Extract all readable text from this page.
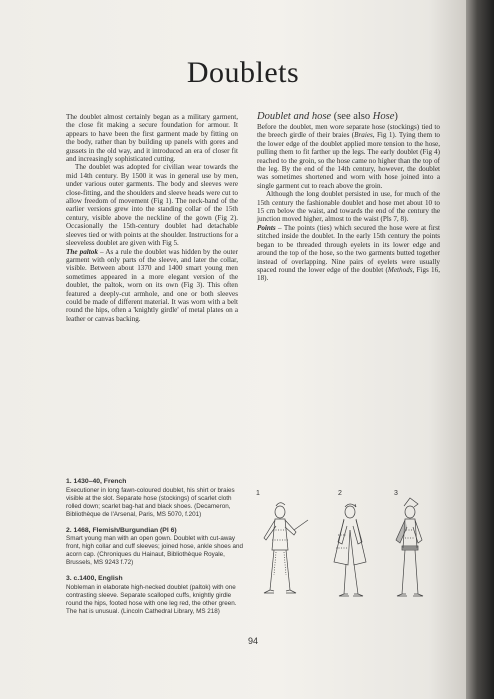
Doublets

The doublet almost certainly began as a military garment, the close fit making a secure foundation for armour. It appears to have been the first garment made by fitting on the body, rather than by building up panels with gores and gussets in the old way, and it introduced an era of closer fit and increasingly sophisticated cutting.

The doublet was adopted for civilian wear towards the mid 14th century. By 1500 it was in general use by men, under various outer garments. The body and sleeves were close-fitting, and the shoulders and sleeve heads were cut to allow freedom of movement (Fig 1). The neck-band of the earlier versions grew into the standing collar of the 15th century, visible above the neckline of the gown (Fig 2). Occasionally the 15th-century doublet had detachable sleeves tied or with points at the shoulder. Instructions for a sleeveless doublet are given with Fig 5.

The paltok – As a rule the doublet was hidden by the outer garment with only parts of the sleeve, and later the collar, visible. Between about 1370 and 1400 smart young men sometimes appeared in a more elegant version of the doublet, the paltok, worn on its own (Fig 3). This often featured a deeply-cut armhole, and one or both sleeves could be made of different material. It was worn with a belt round the hips, often a 'knightly girdle' of metal plates on a leather or canvas backing.

Doublet and hose (see also Hose)

Before the doublet, men wore separate hose (stockings) tied to the breech girdle of their braies (Braies, Fig 1). Tying them to the lower edge of the doublet applied more tension to the hose, pulling them to fit farther up the legs. The early doublet (Fig 4) reached to the groin, so the hose came no higher than the top of the leg. By the end of the 14th century, however, the doublet was sometimes shortened and worn with hose joined into a single garment cut to reach above the groin.

Although the long doublet persisted in use, for much of the 15th century the fashionable doublet and hose met about 10 to 15 cm below the waist, and towards the end of the century the junction moved higher, almost to the waist (Pls 7, 8).

Points – The points (ties) which secured the hose were at first stitched inside the doublet. In the early 15th century the points began to be threaded through eyelets in its lower edge and around the top of the hose, so the two garments butted together instead of overlapping. Nine pairs of eyelets were usually spaced round the lower edge of the doublet (Methods, Figs 16, 18).

1. 1430–40, French
Executioner in long fawn-coloured doublet, his shirt or braies visible at the slot. Separate hose (stockings) of scarlet cloth rolled down; scarlet bag-hat and black shoes. (Decameron, Bibliothèque de l'Arsenal, Paris, MS 5070, f.201)
2. 1468, Flemish/Burgundian (Pl 6)
Smart young man with an open gown. Doublet with cut-away front, high collar and cuff sleeves; joined hose, ankle shoes and acorn cap. (Chroniques du Hainaut, Bibliothèque Royale, Brussels, MS 9243 f.72)
3. c.1400, English
Nobleman in elaborate high-necked doublet (paltok) with one contrasting sleeve. Separate scalloped cuffs, knightly girdle round the hips, footed hose with one leg red, the other green. The hat is unusual. (Lincoln Cathedral Library, MS 218)
1	2	3
94
